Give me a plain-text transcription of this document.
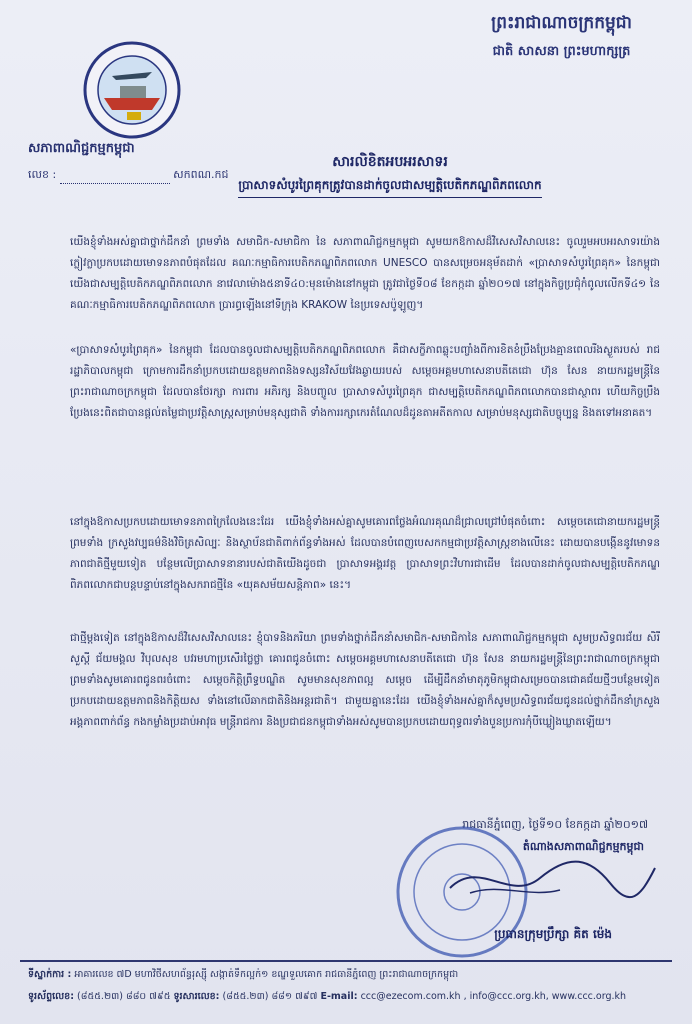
ព្រះរាជាណាចក្រកម្ពុជា
ជាតិ សាសនា ព្រះមហាក្សត្រ
សភាពាណិជ្ជកម្មកម្ពុជា
លេខ :	សកពណ.កជ
សារលិខិតអបអរសាទរ
ប្រាសាទសំបូរព្រៃគុកត្រូវបានដាក់ចូលជាសម្បត្តិបេតិកភណ្ឌពិភពលោក
យើងខ្ញុំទាំងអស់គ្នាជាថ្នាក់ដឹកនាំ ព្រមទាំង សមាជិក-សមាជិកា នៃ សភាពាណិជ្ជកម្មកម្ពុជា សូមយកឱកាសដ៏វិសេសវិសាលនេះ ចូលរួមអបអរសាទរយ៉ាងក្លៀវក្លាប្រកបដោយមោទនភាពបំផុតដែល គណៈកម្មាធិការបេតិកភណ្ឌពិភពលោក UNESCO បានសម្រេចអនុម័តដាក់ «ប្រាសាទសំបូរព្រៃគុក» នៃកម្ពុជាយើងជាសម្បត្តិបេតិកភណ្ឌពិភពលោក នាវេលាម៉ោង៥នាទី៤០:មុនម៉ោងនៅកម្ពុជា ត្រូវជាថ្ងៃទី០៨ ខែកក្កដា ឆ្នាំ២០១៧ នៅក្នុងកិច្ចប្រជុំកំពូលលើកទី៤១ នៃគណៈកម្មាធិការបេតិកភណ្ឌពិភពលោក ប្រារព្ធឡើងនៅទីក្រុង KRAKOW នៃប្រទេសប៉ូឡូញ។
«ប្រាសាទសំបូរព្រៃគុក» នៃកម្ពុជា ដែលបានចូលជាសម្បត្តិបេតិកភណ្ឌពិភពលោក គឺជាសក្ខីភាពឆ្លុះបញ្ចាំងពីការខិតខំប្រឹងប្រែងគ្មានពេលរីងស្ងួតរបស់ រាជរដ្ឋាភិបាលកម្ពុជា ក្រោមការដឹកនាំប្រកបដោយឧត្តមភាពនិងទស្សនវិស័យវែងឆ្ងាយរបស់ សម្តេចអគ្គមហាសេនាបតីតេជោ ហ៊ុន សែន នាយករដ្ឋមន្ត្រីនៃ ព្រះរាជាណាចក្រកម្ពុជា ដែលបានថែរក្សា ការពារ អភិរក្ស និងបញ្ចូល ប្រាសាទសំបូរព្រៃគុក ជាសម្បត្តិបេតិកភណ្ឌពិភពលោកបានជាស្ថាពរ ហើយកិច្ចប្រឹងប្រែងនេះពិតជាបានផ្តល់តម្លៃជាប្រវត្តិសាស្ត្រសម្រាប់មនុស្សជាតិ ទាំងការរក្សាកេរតំណែលដ៏ដូនតាអតីតកាល សម្រាប់មនុស្សជាតិបច្ចុប្បន្ន និងតទៅអនាគត។
នៅក្នុងឱកាសប្រកបដោយមោទនភាពក្រៃលែងនេះដែរ យើងខ្ញុំទាំងអស់គ្នាសូមគោរពថ្លែងអំណរគុណដ៏ជ្រាលជ្រៅបំផុតចំពោះ សម្តេចតេជោនាយករដ្ឋមន្ត្រី ព្រមទាំង ក្រសួងវប្បធម៌និងវិចិត្រសិល្បៈ និងស្ថាប័នជាតិពាក់ព័ន្ធទាំងអស់ ដែលបានបំពេញបេសកកម្មជាប្រវត្តិសាស្ត្រខាងលើនេះ ដោយបានបង្កើននូវមោទនភាពជាតិថ្មីមួយទៀត បន្ថែមលើប្រាសាទនានារបស់ជាតិយើងដូចជា ប្រាសាទអង្គរវត្ត ប្រាសាទព្រះវិហារជាដើម ដែលបានដាក់ចូលជាសម្បត្តិបេតិកភណ្ឌពិភពលោកជាបន្តបន្ទាប់នៅក្នុងសករាជថ្មីនៃ «យុគសម័យសន្តិភាព» នេះ។
ជាថ្មីម្តងទៀត នៅក្នុងឱកាសដ៏វិសេសវិសាលនេះ ខ្ញុំបាទនិងភរិយា ព្រមទាំងថ្នាក់ដឹកនាំសមាជិក-សមាជិកានៃ សភាពាណិជ្ជកម្មកម្ពុជា សូមប្រសិទ្ធពរជ័យ សិរីសួស្តី ជ័យមង្គល វិបុលសុខ បវរមហាប្រសើរថ្លៃថ្លា គោរពជូនចំពោះ សម្តេចអគ្គមហាសេនាបតីតេជោ ហ៊ុន សែន នាយករដ្ឋមន្ត្រីនៃព្រះរាជាណាចក្រកម្ពុជា ព្រមទាំងសូមគោរពជូនពរចំពោះ សម្តេចកិត្តិព្រឹទ្ធបណ្ឌិត សូមមានសុខភាពល្អ សម្តេច ដើម្បីដឹកនាំមាតុភូមិកម្ពុជាសម្រេចបានជោគជ័យថ្មីៗបន្ថែមទៀតប្រកបដោយឧត្តមភាពនិងកិត្តិយស ទាំងនៅលើឆាកជាតិនិងអន្តរជាតិ។ ជាមួយគ្នានេះដែរ យើងខ្ញុំទាំងអស់គ្នាក៏សូមប្រសិទ្ធពរជ័យជូនដល់ថ្នាក់ដឹកនាំក្រសួង អង្គភាពពាក់ព័ន្ធ កងកម្លាំងប្រដាប់អាវុធ មន្ត្រីរាជការ និងប្រជាជនកម្ពុជាទាំងអស់សូមបានប្រកបដោយពុទ្ធពរទាំងបួនប្រការកុំបីឃ្លៀងឃ្លាតឡើយ។
រាជធានីភ្នំពេញ, ថ្ងៃទី១០ ខែកក្កដា ឆ្នាំ២០១៧
តំណាងសភាពាណិជ្ជកម្មកម្ពុជា
ប្រធានក្រុមប្រឹក្សា គិត ម៉េង
ទីស្នាក់ការ : អាគារលេខ ៧D មហាវិថីសហព័ន្ធរុស្ស៊ី សង្កាត់ទឹកល្អក់១ ខណ្ឌទួលគោក រាជធានីភ្នំពេញ ព្រះរាជាណាចក្រកម្ពុជា
ទូរស័ព្ទលេខ: (៨៥៥.២៣) ៨៨០ ៧៩៥ ទូរសារលេខ: (៨៥៥.២៣) ៨៨១ ៧៩៧ E-mail: ccc@ezecom.com.kh , info@ccc.org.kh, www.ccc.org.kh
